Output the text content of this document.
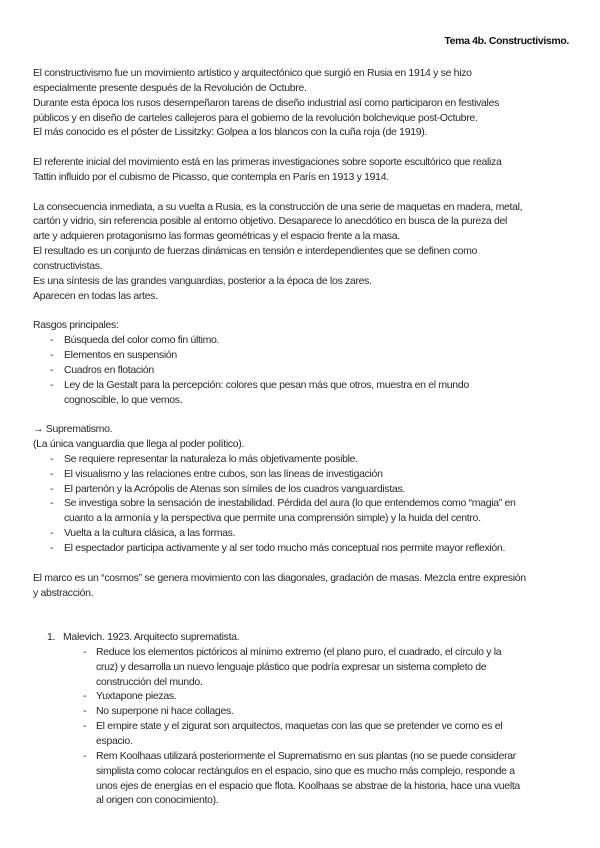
Tema 4b. Constructivismo.
El constructivismo fue un movimiento artístico y arquitectónico que surgió en Rusia en 1914 y se hizo
especialmente presente después de la Revolución de Octubre.
Durante esta época los rusos desempeñaron tareas de diseño industrial así como participaron en festivales
públicos y en diseño de carteles callejeros para el gobierno de la revolución bolchevique post-Octubre.
El más conocido es el póster de Lissitzky: Golpea a los blancos con la cuña roja (de 1919).
El referente inicial del movimiento está en las primeras investigaciones sobre soporte escultórico que realiza
Tattin influido por el cubismo de Picasso, que contempla en París en 1913 y 1914.
La consecuencia inmediata, a su vuelta a Rusia, es la construcción de una serie de maquetas en madera, metal,
cartón y vidrio, sin referencia posible al entorno objetivo. Desaparece lo anecdótico en busca de la pureza del
arte y adquieren protagonismo las formas geométricas y el espacio frente a la masa.
El resultado es un conjunto de fuerzas dinámicas en tensión e interdependientes que se definen como
constructivistas.
Es una síntesis de las grandes vanguardias, posterior a la época de los zares.
Aparecen en todas las artes.
Rasgos principales:
- Búsqueda del color como fin último.
- Elementos en suspensión
- Cuadros en flotación
- Ley de la Gestalt para la percepción: colores que pesan más que otros, muestra en el mundo
cognoscible, lo que vemos.
→ Suprematismo.
(La única vanguardia que llega al poder político).
- Se requiere representar la naturaleza lo más objetivamente posible.
- El visualismo y las relaciones entre cubos, son las líneas de investigación
- El partenón y la Acrópolis de Atenas son símiles de los cuadros vanguardistas.
- Se investiga sobre la sensación de inestabilidad. Pérdida del aura (lo que entendemos como “magia” en
cuanto a la armonía y la perspectiva que permite una comprensión simple) y la huida del centro.
- Vuelta a la cultura clásica, a las formas.
- El espectador participa activamente y al ser todo mucho más conceptual nos permite mayor reflexión.
El marco es un “cosmos” se genera movimiento con las diagonales, gradación de masas. Mezcla entre expresión
y abstracción.
1. Malevich. 1923. Arquitecto suprematista.
- Reduce los elementos pictóricos al mínimo extremo (el plano puro, el cuadrado, el círculo y la
cruz) y desarrolla un nuevo lenguaje plástico que podría expresar un sistema completo de
construcción del mundo.
- Yuxtapone piezas.
- No superpone ni hace collages.
- El empire state y el zigurat son arquitectos, maquetas con las que se pretender ve como es el
espacio.
- Rem Koolhaas utilizará posteriormente el Suprematismo en sus plantas (no se puede considerar
simplista como colocar rectángulos en el espacio, sino que es mucho más complejo, responde a
unos ejes de energías en el espacio que flota. Koolhaas se abstrae de la historia, hace una vuelta
al origen con conocimiento).
